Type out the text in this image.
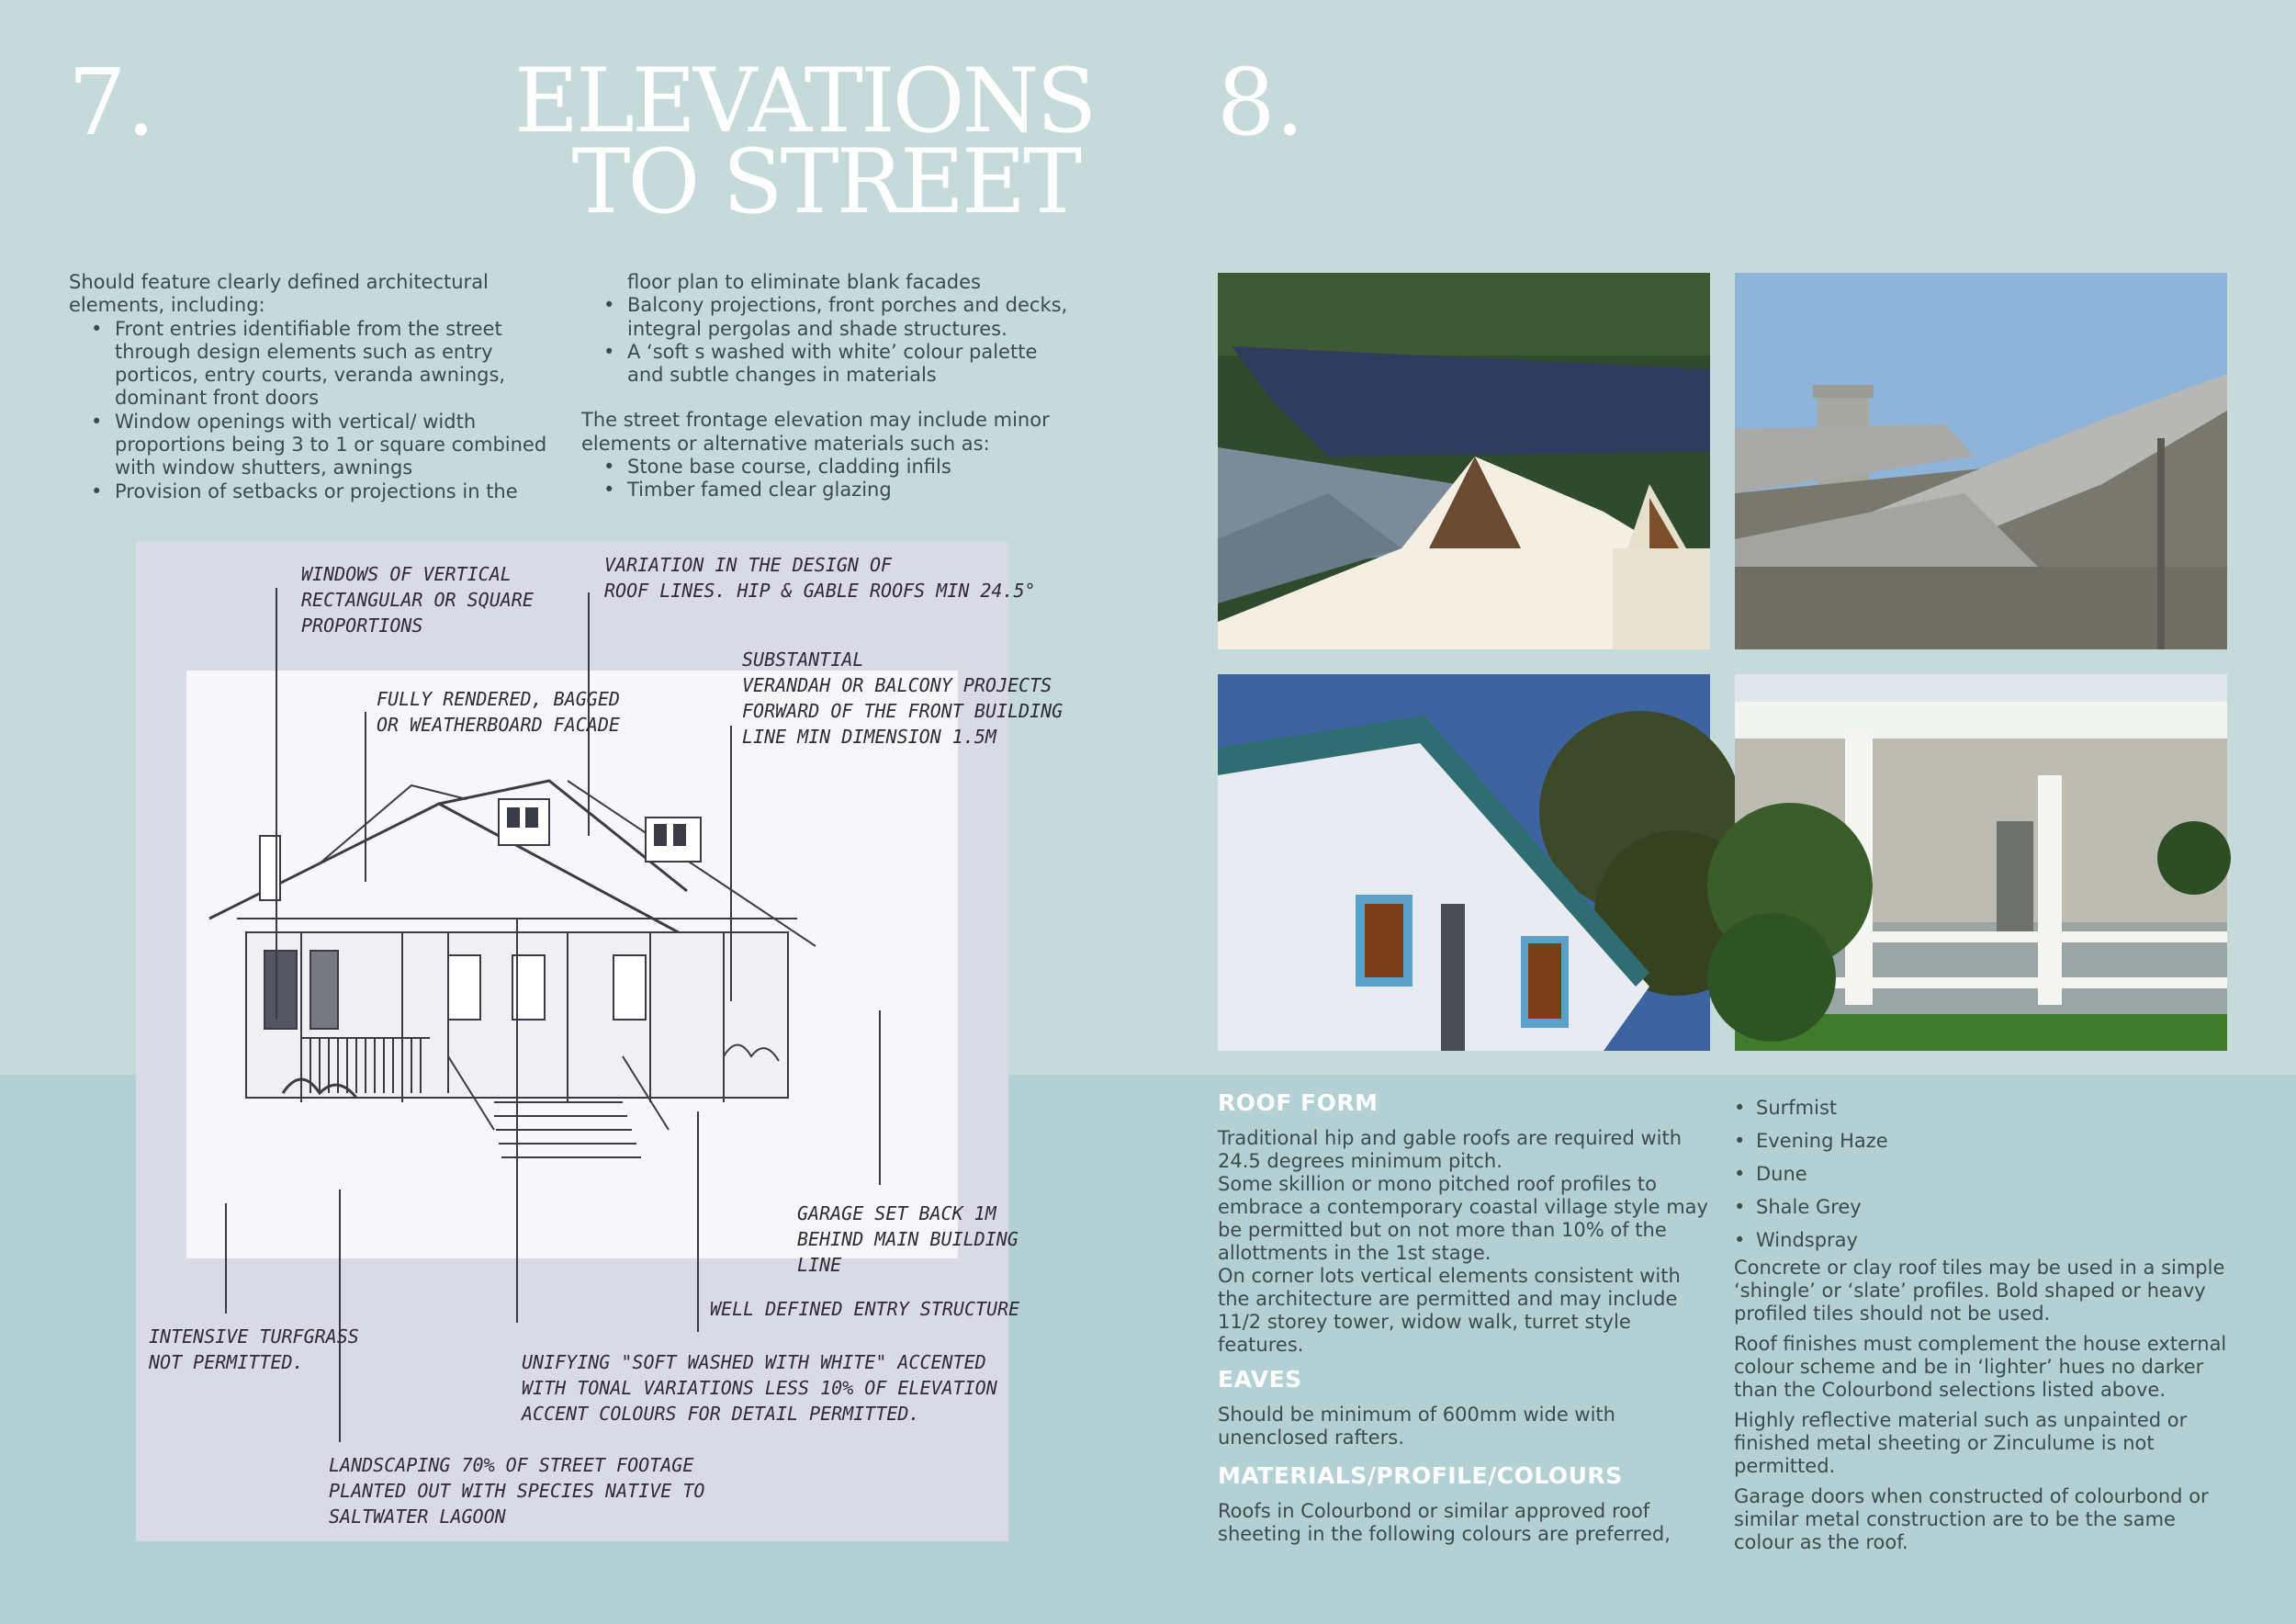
7.	ELEVATIONS
TO STREET

Should feature clearly defined architectural elements, including:

• Front entries identifiable from the street through design elements such as entry porticos, entry courts, veranda awnings, dominant front doors
• Window openings with vertical/ width proportions being 3 to 1 or square combined with window shutters, awnings
• Provision of setbacks or projections in the

floor plan to eliminate blank facades

• Balcony projections, front porches and decks, integral pergolas and shade structures.
• A ‘soft s washed with white’ colour palette and subtle changes in materials

The street frontage elevation may include minor elements or alternative materials such as:

• Stone base course, cladding infils
• Timber famed clear glazing
WINDOWS OF VERTICAL
RECTANGULAR OR SQUARE
PROPORTIONS
VARIATION IN THE DESIGN OF
ROOF LINES. HIP & GABLE ROOFS MIN 24.5°
FULLY RENDERED, BAGGED
OR WEATHERBOARD FACADE
SUBSTANTIAL
VERANDAH OR BALCONY PROJECTS
FORWARD OF THE FRONT BUILDING
LINE MIN DIMENSION 1.5M
GARAGE SET BACK 1M
BEHIND MAIN BUILDING
LINE
WELL DEFINED ENTRY STRUCTURE
INTENSIVE TURFGRASS
NOT PERMITTED.	UNIFYING "SOFT WASHED WITH WHITE" ACCENTED
WITH TONAL VARIATIONS LESS 10% OF ELEVATION
ACCENT COLOURS FOR DETAIL PERMITTED.
LANDSCAPING 70% OF STREET FOOTAGE
PLANTED OUT WITH SPECIES NATIVE TO
SALTWATER LAGOON
8.
ROOF FORM

Traditional hip and gable roofs are required with 24.5 degrees minimum pitch.

Some skillion or mono pitched roof profiles to embrace a contemporary coastal village style may be permitted but on not more than 10% of the allottments in the 1st stage.

On corner lots vertical elements consistent with the architecture are permitted and may include 11/2 storey tower, widow walk, turret style features.

EAVES

Should be minimum of 600mm wide with unenclosed rafters.

MATERIALS/PROFILE/COLOURS

Roofs in Colourbond or similar approved roof sheeting in the following colours are preferred,

• Surfmist
• Evening Haze
• Dune
• Shale Grey
• Windspray

Concrete or clay roof tiles may be used in a simple ‘shingle’ or ‘slate’ profiles. Bold shaped or heavy profiled tiles should not be used.

Roof finishes must complement the house external colour scheme and be in ‘lighter’ hues no darker than the Colourbond selections listed above.

Highly reflective material such as unpainted or finished metal sheeting or Zinculume is not permitted.

Garage doors when constructed of colourbond or similar metal construction are to be the same colour as the roof.
